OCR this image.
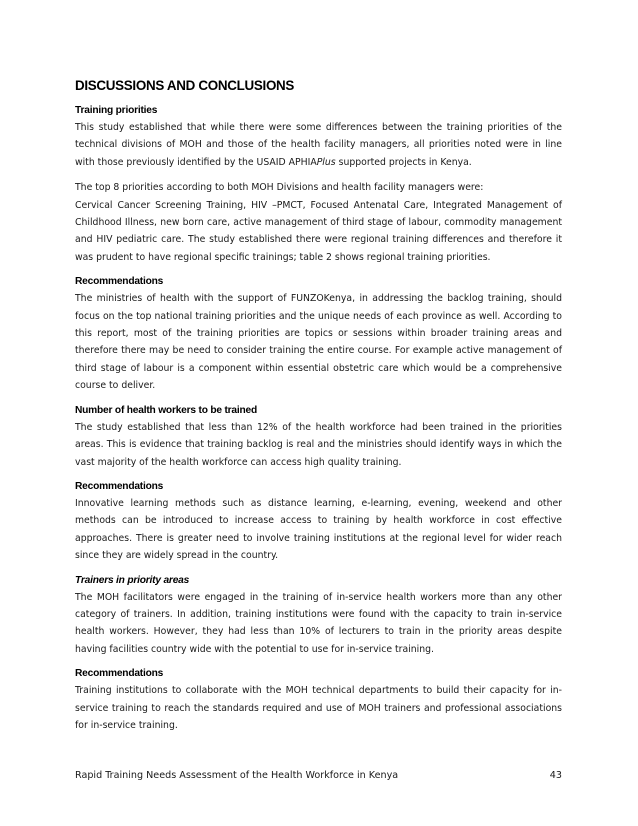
DISCUSSIONS AND CONCLUSIONS
Training priorities

This study established that while there were some differences between the training priorities of the technical divisions of MOH and those of the health facility managers, all priorities noted were in line with those previously identified by the USAID APHIAPlus supported projects in Kenya.

The top 8 priorities according to both MOH Divisions and health facility managers were:

Cervical Cancer Screening Training, HIV –PMCT, Focused Antenatal Care, Integrated Management of Childhood Illness, new born care, active management of third stage of labour, commodity management and HIV pediatric care. The study established there were regional training differences and therefore it was prudent to have regional specific trainings; table 2 shows regional training priorities.

Recommendations

The ministries of health with the support of FUNZOKenya, in addressing the backlog training, should focus on the top national training priorities and the unique needs of each province as well. According to this report, most of the training priorities are topics or sessions within broader training areas and therefore there may be need to consider training the entire course. For example active management of third stage of labour is a component within essential obstetric care which would be a comprehensive course to deliver.

Number of health workers to be trained

The study established that less than 12% of the health workforce had been trained in the priorities areas. This is evidence that training backlog is real and the ministries should identify ways in which the vast majority of the health workforce can access high quality training.

Recommendations

Innovative learning methods such as distance learning, e-learning, evening, weekend and other methods can be introduced to increase access to training by health workforce in cost effective approaches. There is greater need to involve training institutions at the regional level for wider reach since they are widely spread in the country.

Trainers in priority areas

The MOH facilitators were engaged in the training of in-service health workers more than any other category of trainers. In addition, training institutions were found with the capacity to train in-service health workers. However, they had less than 10% of lecturers to train in the priority areas despite having facilities country wide with the potential to use for in-service training.

Recommendations

Training institutions to collaborate with the MOH technical departments to build their capacity for in-service training to reach the standards required and use of MOH trainers and professional associations for in-service training.

Rapid Training Needs Assessment of the Health Workforce in Kenya	43
